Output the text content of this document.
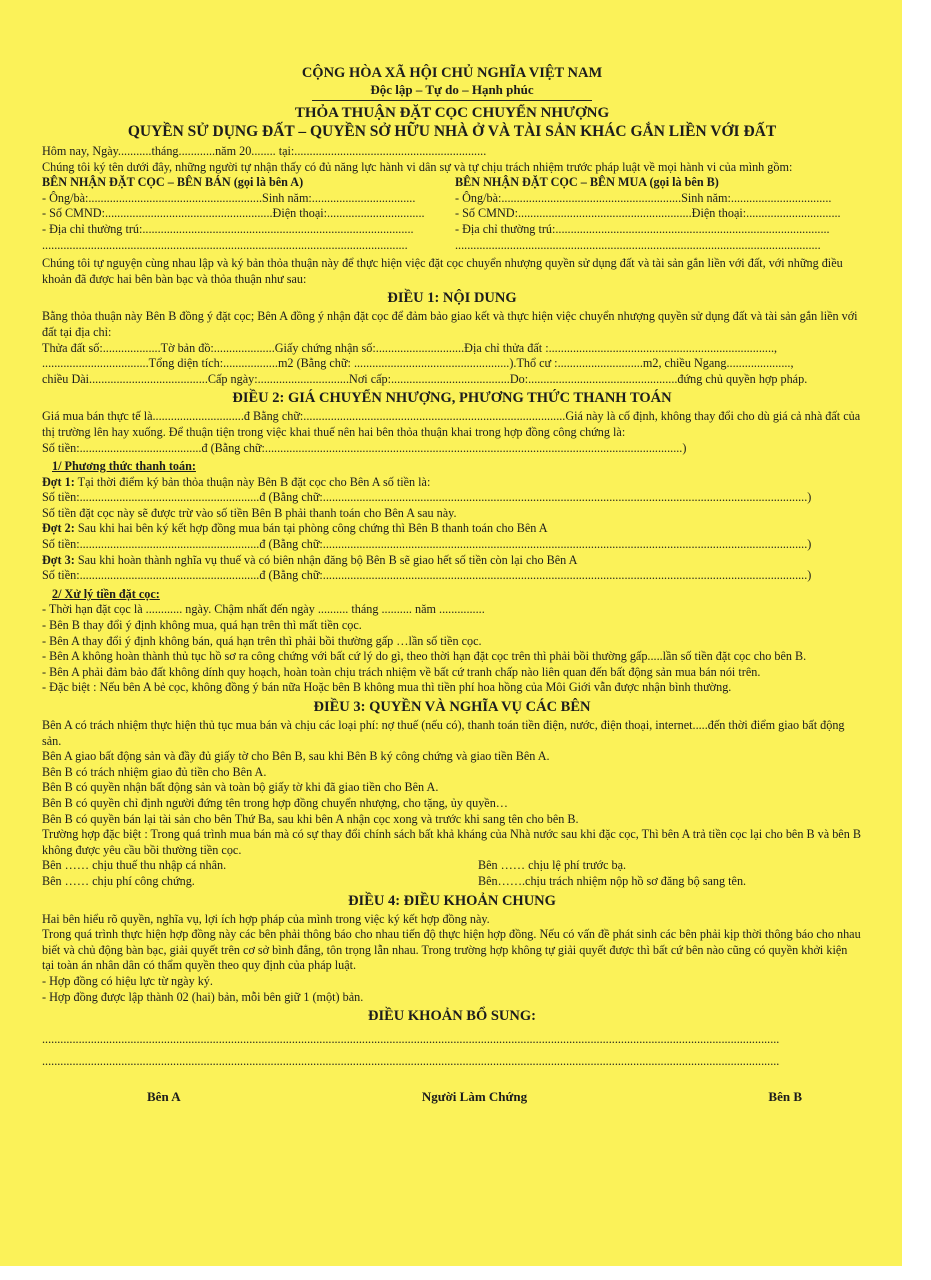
CỘNG HÒA XÃ HỘI CHỦ NGHĨA VIỆT NAM
Độc lập – Tự do – Hạnh phúc
THỎA THUẬN ĐẶT CỌC CHUYỂN NHƯỢNG
QUYỀN SỬ DỤNG ĐẤT – QUYỀN SỞ HỮU NHÀ Ở VÀ TÀI SẢN KHÁC GẮN LIỀN VỚI ĐẤT

Hôm nay, Ngày...........tháng............năm 20........ tại:...............................................................

Chúng tôi ký tên dưới đây, những người tự nhận thấy có đủ năng lực hành vi dân sự và tự chịu trách nhiệm trước pháp luật về mọi hành vi của mình gồm:

BÊN NHẬN ĐẶT CỌC – BÊN BÁN (gọi là bên A)
- Ông/bà:.........................................................Sinh năm:..................................
- Số CMND:.......................................................Điện thoại:................................
- Địa chỉ thường trú:.........................................................................................
........................................................................................................................
BÊN NHẬN ĐẶT CỌC – BÊN MUA (gọi là bên B)
- Ông/bà:...........................................................Sinh năm:.................................
- Số CMND:.........................................................Điện thoại:...............................
- Địa chỉ thường trú:..........................................................................................
........................................................................................................................

Chúng tôi tự nguyện cùng nhau lập và ký bản thỏa thuận này để thực hiện việc đặt cọc chuyển nhượng quyền sử dụng đất và tài sản gắn liền với đất, với những điều khoản đã được hai bên bàn bạc và thỏa thuận như sau:

ĐIỀU 1: NỘI DUNG

Bằng thỏa thuận này Bên B đồng ý đặt cọc; Bên A đồng ý nhận đặt cọc để đảm bảo giao kết và thực hiện việc chuyển nhượng quyền sử dụng đất và tài sản gắn liền với đất tại địa chỉ:

Thửa đất số:...................Tờ bản đồ:....................Giấy chứng nhận số:.............................Địa chỉ thửa đất :..........................................................................,
...................................Tổng diện tích:..................m2 (Bằng chữ: ...................................................).Thổ cư :............................m2, chiều Ngang.....................,
chiều Dài.......................................Cấp ngày:..............................Nơi cấp:.......................................Do:.................................................đứng chủ quyền hợp pháp.
ĐIỀU 2: GIÁ CHUYỂN NHƯỢNG, PHƯƠNG THỨC THANH TOÁN

Giá mua bán thực tế là..............................đ Bằng chữ:......................................................................................Giá này là cố định, không thay đổi cho dù giá cả nhà đất của thị trường lên hay xuống. Để thuận tiện trong việc khai thuế nên hai bên thỏa thuận khai trong hợp đồng công chứng là:

Số tiền:........................................đ (Bằng chữ:.........................................................................................................................................)
1/ Phương thức thanh toán:

Đợt 1: Tại thời điểm ký bản thỏa thuận này Bên B đặt cọc cho Bên A số tiền là:

Số tiền:...........................................................đ (Bằng chữ:...............................................................................................................................................................)

Số tiền đặt cọc này sẽ được trừ vào số tiền Bên B phải thanh toán cho Bên A sau này.

Đợt 2: Sau khi hai bên ký kết hợp đồng mua bán tại phòng công chứng thì Bên B thanh toán cho Bên A

Số tiền:...........................................................đ (Bằng chữ:...............................................................................................................................................................)

Đợt 3: Sau khi hoàn thành nghĩa vụ thuế và có biên nhận đăng bộ Bên B sẽ giao hết số tiền còn lại cho Bên A

Số tiền:...........................................................đ (Bằng chữ:...............................................................................................................................................................)
2/ Xử lý tiền đặt cọc:

- Thời hạn đặt cọc là ............ ngày. Chậm nhất đến ngày .......... tháng .......... năm ...............

- Bên B thay đổi ý định không mua, quá hạn trên thì mất tiền cọc.

- Bên A thay đổi ý định không bán, quá hạn trên thì phải bồi thường gấp …lần số tiền cọc.

- Bên A không hoàn thành thủ tục hồ sơ ra công chứng với bất cứ lý do gì, theo thời hạn đặt cọc trên thì phải bồi thường gấp.....lần số tiền đặt cọc cho bên B.

- Bên A phải đảm bảo đất không dính quy hoạch, hoàn toàn chịu trách nhiệm về bất cứ tranh chấp nào liên quan đến bất động sản mua bán nói trên.

- Đặc biệt : Nếu bên A bẻ cọc, không đồng ý bán nữa Hoặc bên B không mua thì tiền phí hoa hồng của Môi Giới vẫn được nhận bình thường.

ĐIỀU 3: QUYỀN VÀ NGHĨA VỤ CÁC BÊN

Bên A có trách nhiệm thực hiện thủ tục mua bán và chịu các loại phí: nợ thuế (nếu có), thanh toán tiền điện, nước, điện thoại, internet.....đến thời điểm giao bất động sản.

Bên A giao bất động sản và đầy đủ giấy tờ cho Bên B, sau khi Bên B ký công chứng và giao tiền Bên A.

Bên B có trách nhiệm giao đủ tiền cho Bên A.

Bên B có quyền nhận bất động sản và toàn bộ giấy tờ khi đã giao tiền cho Bên A.

Bên B có quyền chỉ định người đứng tên trong hợp đồng chuyển nhượng, cho tặng, ủy quyền…

Bên B có quyền bán lại tài sản cho bên Thứ Ba, sau khi bên A nhận cọc xong và trước khi sang tên cho bên B.

Trường hợp đặc biệt : Trong quá trình mua bán mà có sự thay đổi chính sách bất khả kháng của Nhà nước sau khi đặc cọc, Thì bên A trả tiền cọc lại cho bên B và bên B không được yêu cầu bồi thường tiền cọc.

Bên …… chịu thuế thu nhập cá nhân.
Bên …… chịu phí công chứng.
Bên …… chịu lệ phí trước bạ.
Bên…….chịu trách nhiệm nộp hồ sơ đăng bộ sang tên.
ĐIỀU 4: ĐIỀU KHOẢN CHUNG

Hai bên hiểu rõ quyền, nghĩa vụ, lợi ích hợp pháp của mình trong việc ký kết hợp đồng này.

Trong quá trình thực hiện hợp đồng này các bên phải thông báo cho nhau tiến độ thực hiện hợp đồng. Nếu có vấn đề phát sinh các bên phải kịp thời thông báo cho nhau biết và chủ động bàn bạc, giải quyết trên cơ sở bình đẳng, tôn trọng lẫn nhau. Trong trường hợp không tự giải quyết được thì bất cứ bên nào cũng có quyền khởi kiện tại toàn án nhân dân có thẩm quyền theo quy định của pháp luật.

- Hợp đồng có hiệu lực từ ngày ký.

- Hợp đồng được lập thành 02 (hai) bản, mỗi bên giữ 1 (một) bản.

ĐIỀU KHOẢN BỔ SUNG:
..................................................................................................................................................................................................................................................
..................................................................................................................................................................................................................................................
Bên A	Người Làm Chứng	Bên B
